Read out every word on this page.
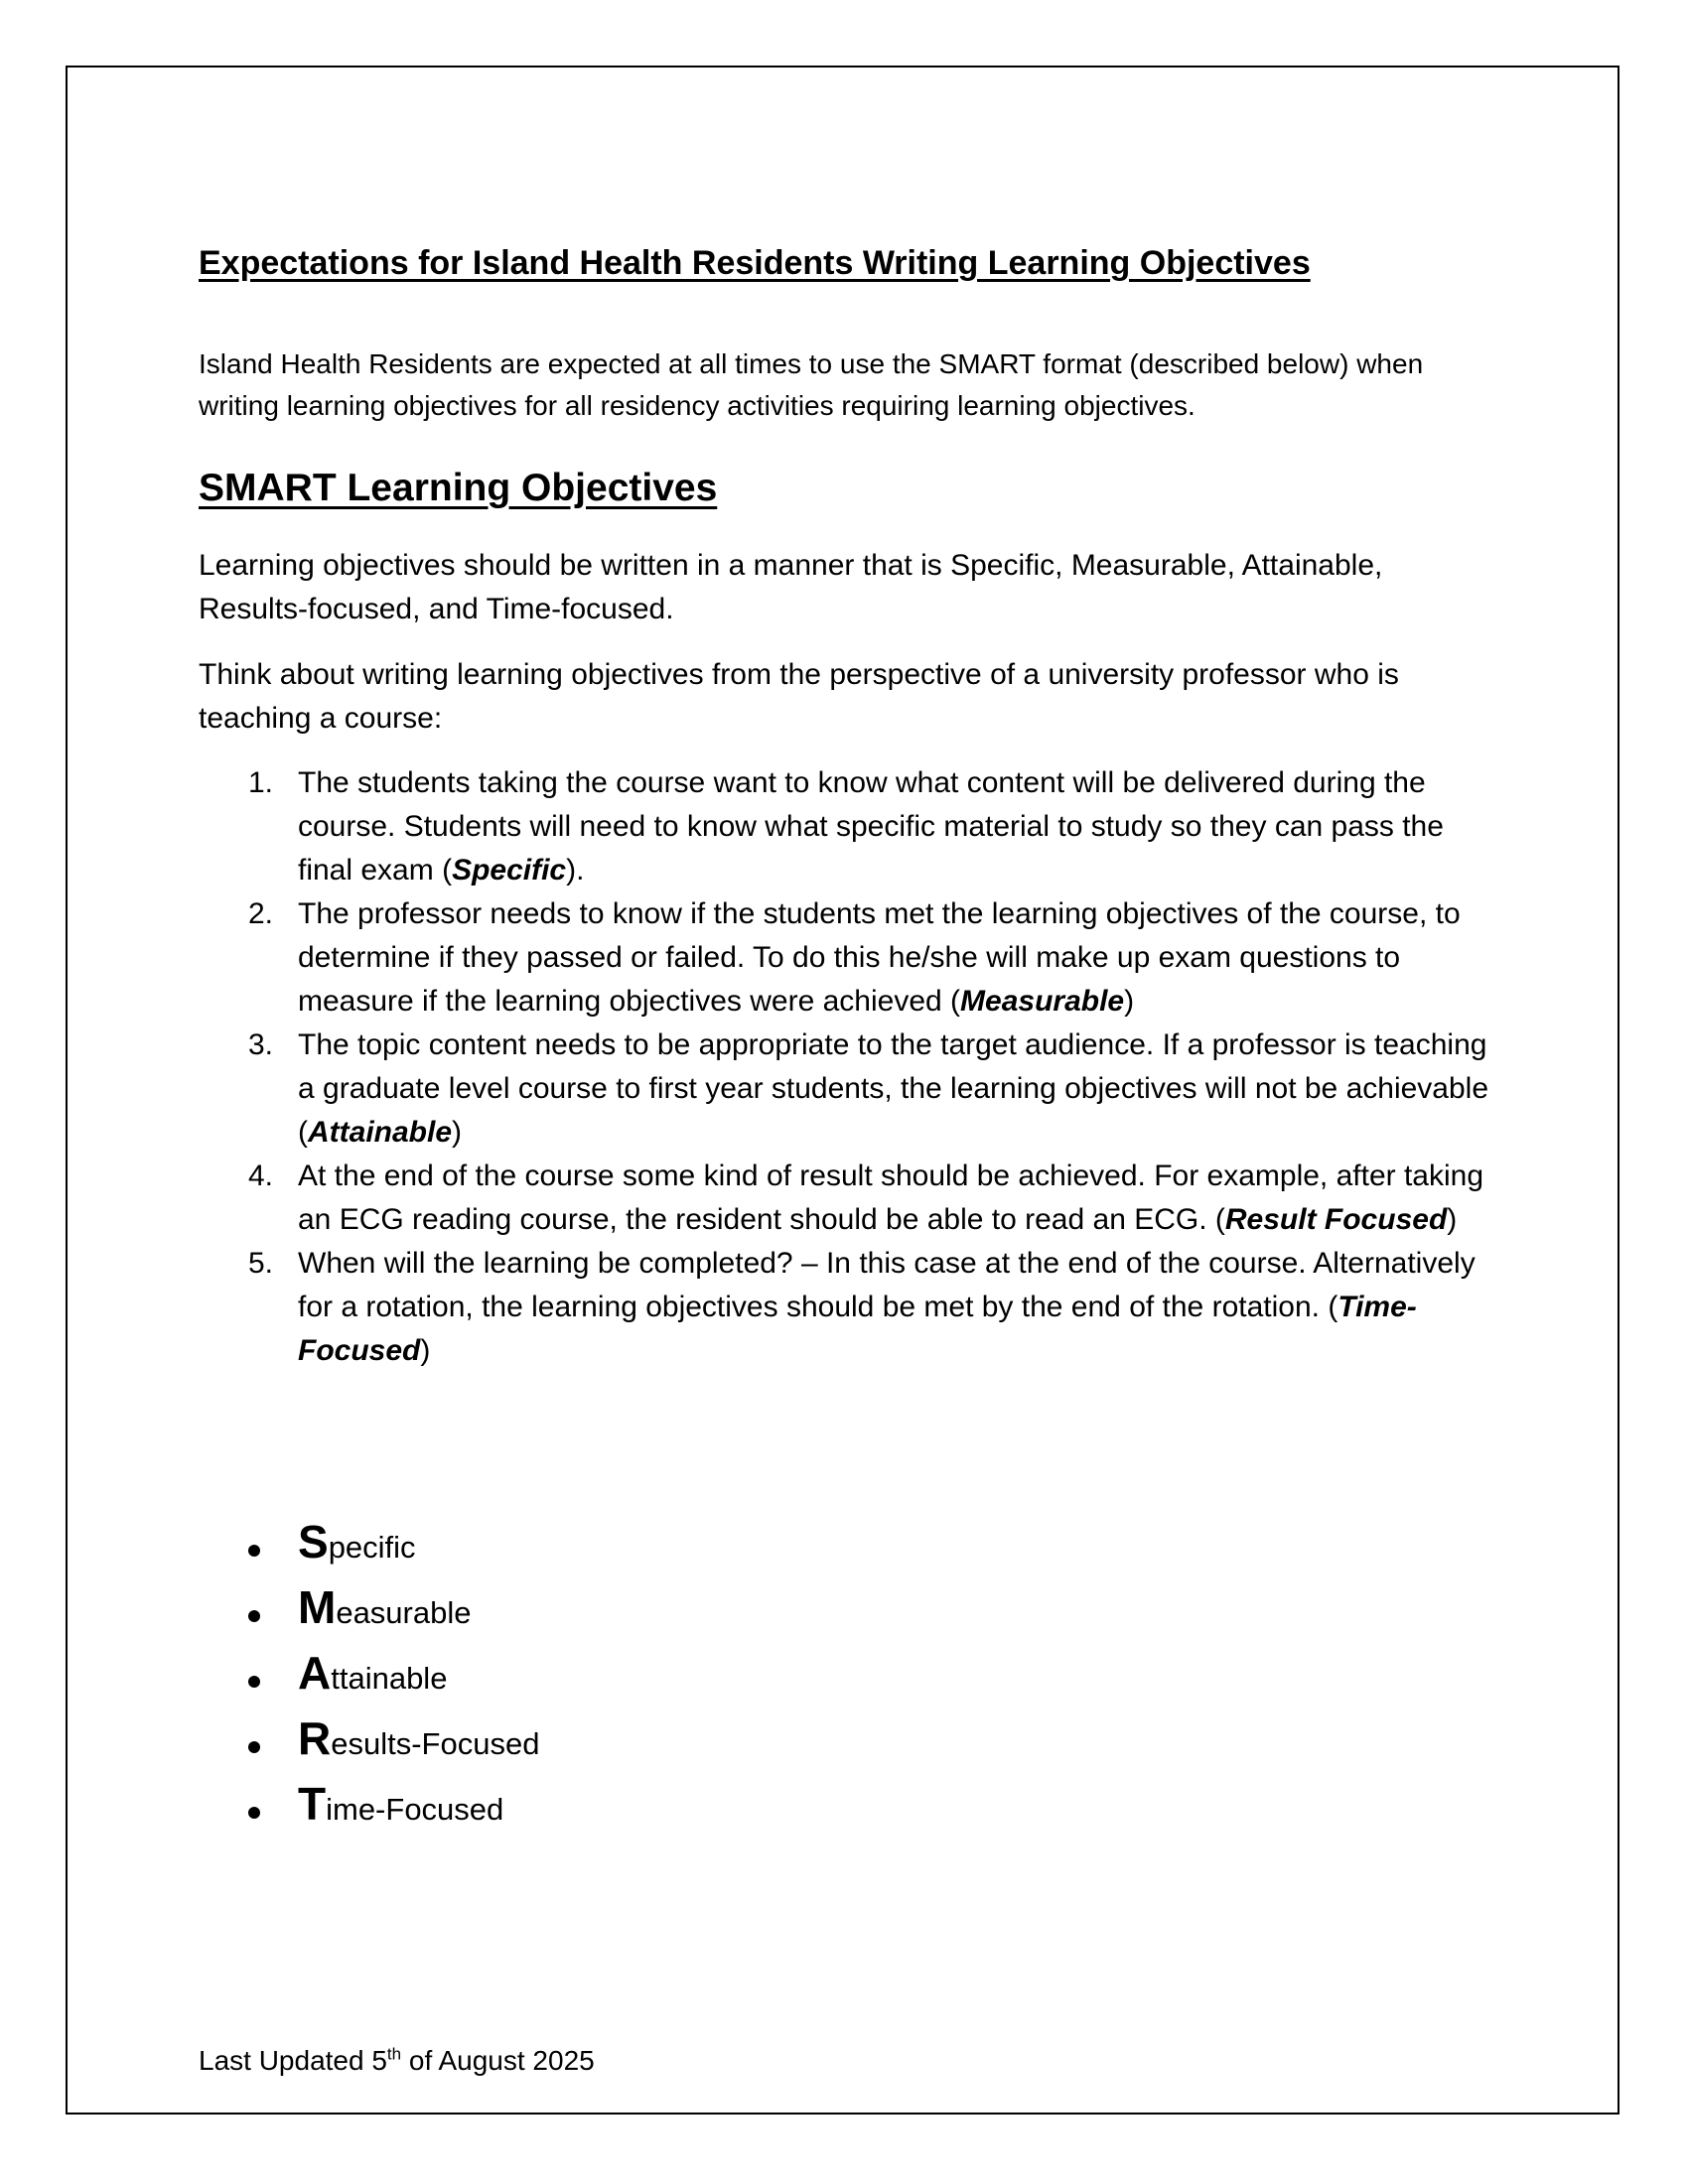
Expectations for Island Health Residents Writing Learning Objectives

Island Health Residents are expected at all times to use the SMART format (described below) when writing learning objectives for all residency activities requiring learning objectives.

SMART Learning Objectives

Learning objectives should be written in a manner that is Specific, Measurable, Attainable, Results-focused, and Time-focused.

Think about writing learning objectives from the perspective of a university professor who is teaching a course:

1. The students taking the course want to know what content will be delivered during the course. Students will need to know what specific material to study so they can pass the final exam (Specific).
2. The professor needs to know if the students met the learning objectives of the course, to determine if they passed or failed. To do this he/she will make up exam questions to measure if the learning objectives were achieved (Measurable)
3. The topic content needs to be appropriate to the target audience. If a professor is teaching a graduate level course to first year students, the learning objectives will not be achievable (Attainable)
4. At the end of the course some kind of result should be achieved. For example, after taking an ECG reading course, the resident should be able to read an ECG. (Result Focused)
5. When will the learning be completed? – In this case at the end of the course. Alternatively for a rotation, the learning objectives should be met by the end of the rotation. (Time-Focused)
Specific
Measurable
Attainable
Results-Focused
Time-Focused

Last Updated 5th of August 2025
